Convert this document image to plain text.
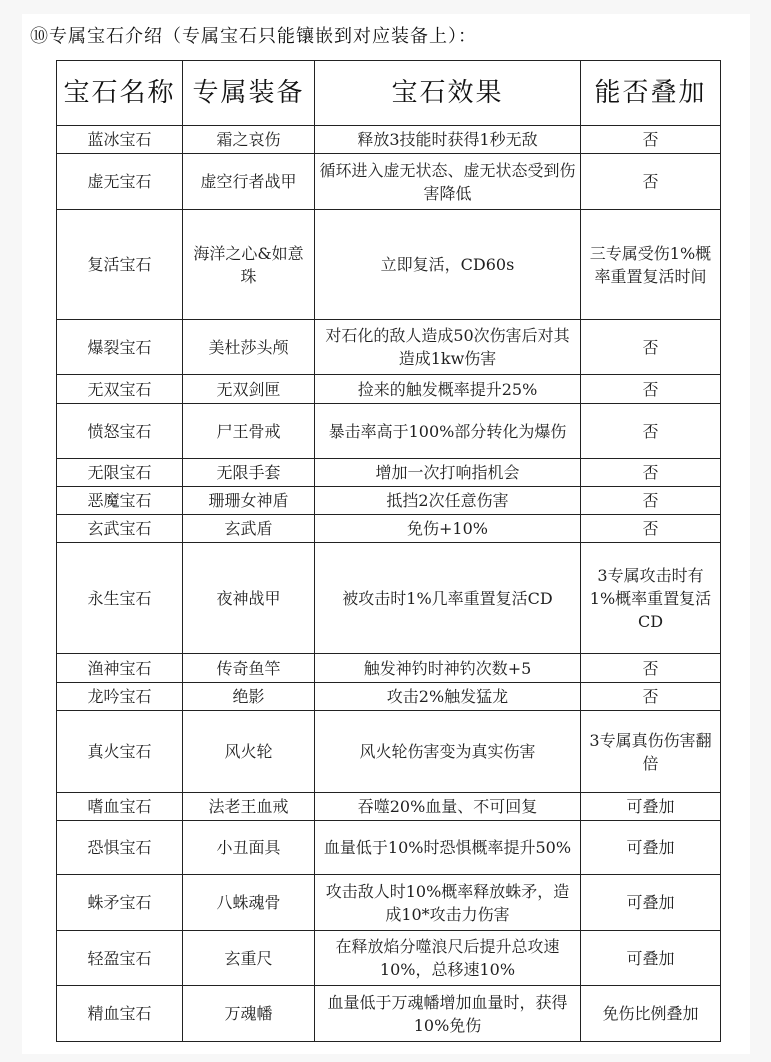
⑩专属宝石介绍（专属宝石只能镶嵌到对应装备上）：
宝石名称	专属装备	宝石效果	能否叠加
蓝冰宝石	霜之哀伤	释放3技能时获得1秒无敌	否
虚无宝石	虚空行者战甲	循环进入虚无状态、虚无状态受到伤害降低	否
复活宝石	海洋之心&如意珠	立即复活，CD60s	三专属受伤1%概率重置复活时间
爆裂宝石	美杜莎头颅	对石化的敌人造成50次伤害后对其造成1kw伤害	否
无双宝石	无双剑匣	捡来的触发概率提升25%	否
愤怒宝石	尸王骨戒	暴击率高于100%部分转化为爆伤	否
无限宝石	无限手套	增加一次打响指机会	否
恶魔宝石	珊珊女神盾	抵挡2次任意伤害	否
玄武宝石	玄武盾	免伤+10%	否
永生宝石	夜神战甲	被攻击时1%几率重置复活CD	3专属攻击时有1%概率重置复活CD
渔神宝石	传奇鱼竿	触发神钓时神钓次数+5	否
龙吟宝石	绝影	攻击2%触发猛龙	否
真火宝石	风火轮	风火轮伤害变为真实伤害	3专属真伤伤害翻倍
嗜血宝石	法老王血戒	吞噬20%血量、不可回复	可叠加
恐惧宝石	小丑面具	血量低于10%时恐惧概率提升50%	可叠加
蛛矛宝石	八蛛魂骨	攻击敌人时10%概率释放蛛矛，造成10*攻击力伤害	可叠加
轻盈宝石	玄重尺	在释放焰分噬浪尺后提升总攻速10%，总移速10%	可叠加
精血宝石	万魂幡	血量低于万魂幡增加血量时，获得10%免伤	免伤比例叠加
